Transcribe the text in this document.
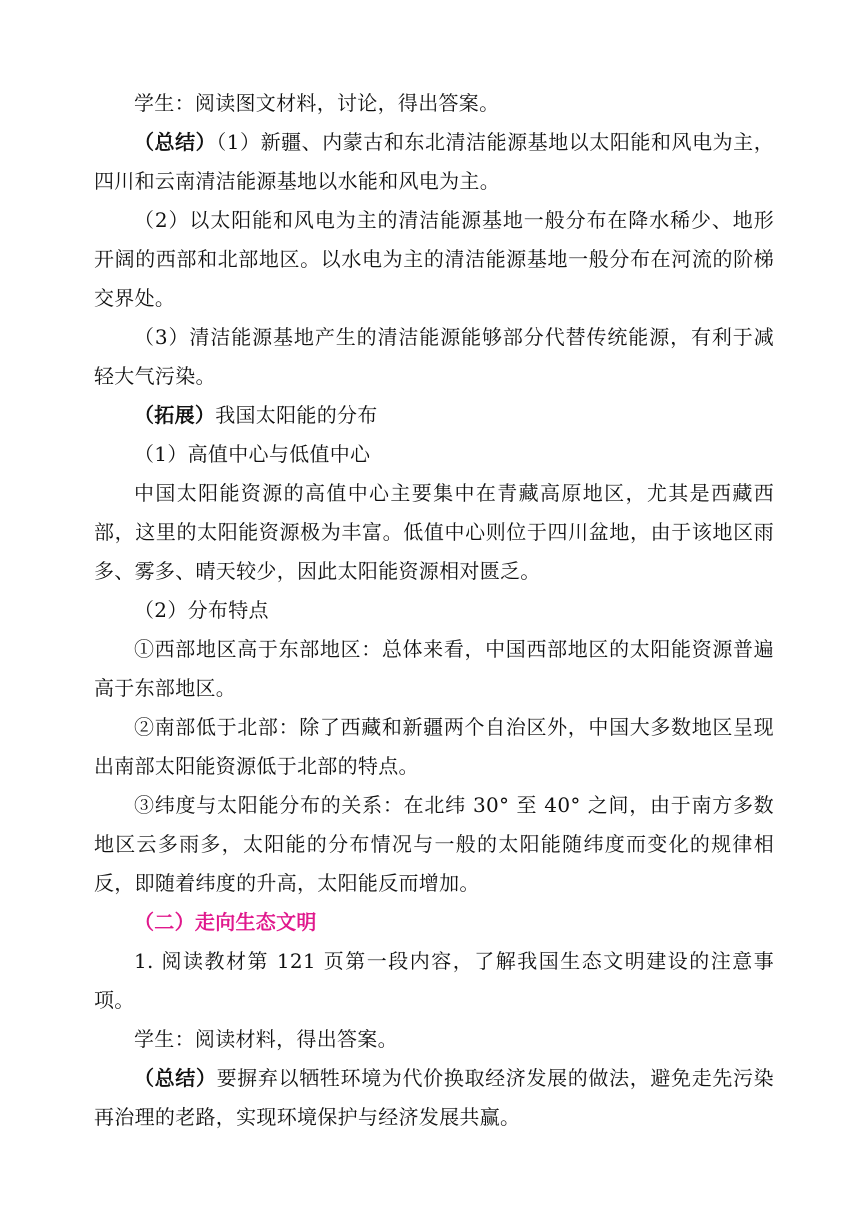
学生：阅读图文材料，讨论，得出答案。

（总结）（1）新疆、内蒙古和东北清洁能源基地以太阳能和风电为主，四川和云南清洁能源基地以水能和风电为主。

（2）以太阳能和风电为主的清洁能源基地一般分布在降水稀少、地形开阔的西部和北部地区。以水电为主的清洁能源基地一般分布在河流的阶梯交界处。

（3）清洁能源基地产生的清洁能源能够部分代替传统能源，有利于减轻大气污染。

（拓展）我国太阳能的分布

（1）高值中心与低值中心

中国太阳能资源的高值中心主要集中在青藏高原地区，尤其是西藏西部，这里的太阳能资源极为丰富。低值中心则位于四川盆地，由于该地区雨多、雾多、晴天较少，因此太阳能资源相对匮乏。

（2）分布特点

①西部地区高于东部地区：总体来看，中国西部地区的太阳能资源普遍高于东部地区。

②南部低于北部：除了西藏和新疆两个自治区外，中国大多数地区呈现出南部太阳能资源低于北部的特点。

③纬度与太阳能分布的关系：在北纬 30° 至 40° 之间，由于南方多数地区云多雨多，太阳能的分布情况与一般的太阳能随纬度而变化的规律相反，即随着纬度的升高，太阳能反而增加。

（二）走向生态文明

1. 阅读教材第 121 页第一段内容，了解我国生态文明建设的注意事项。

学生：阅读材料，得出答案。

（总结）要摒弃以牺牲环境为代价换取经济发展的做法，避免走先污染再治理的老路，实现环境保护与经济发展共赢。
